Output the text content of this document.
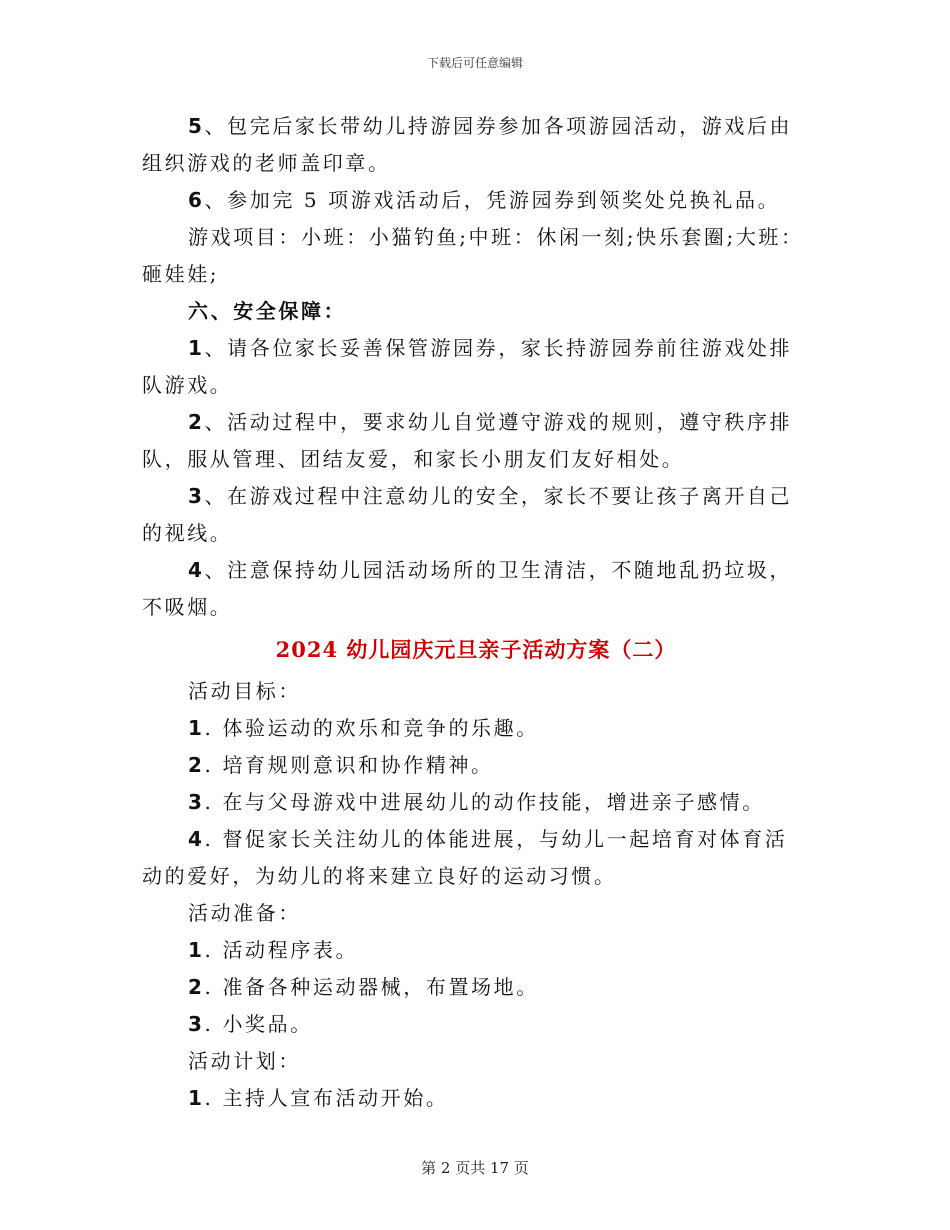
下载后可任意编辑

5、包完后家长带幼儿持游园券参加各项游园活动，游戏后由组织游戏的老师盖印章。

6、参加完 5 项游戏活动后，凭游园券到领奖处兑换礼品。

游戏项目：小班：小猫钓鱼;中班：休闲一刻;快乐套圈;大班：砸娃娃;

六、安全保障：

1、请各位家长妥善保管游园券，家长持游园券前往游戏处排队游戏。

2、活动过程中，要求幼儿自觉遵守游戏的规则，遵守秩序排队，服从管理、团结友爱，和家长小朋友们友好相处。

3、在游戏过程中注意幼儿的安全，家长不要让孩子离开自己的视线。

4、注意保持幼儿园活动场所的卫生清洁，不随地乱扔垃圾，不吸烟。

2024 幼儿园庆元旦亲子活动方案（二）

活动目标：

1. 体验运动的欢乐和竞争的乐趣。

2. 培育规则意识和协作精神。

3. 在与父母游戏中进展幼儿的动作技能，增进亲子感情。

4. 督促家长关注幼儿的体能进展，与幼儿一起培育对体育活动的爱好，为幼儿的将来建立良好的运动习惯。

活动准备：

1. 活动程序表。

2. 准备各种运动器械，布置场地。

3. 小奖品。

活动计划：

1. 主持人宣布活动开始。

第 2 页共 17 页
